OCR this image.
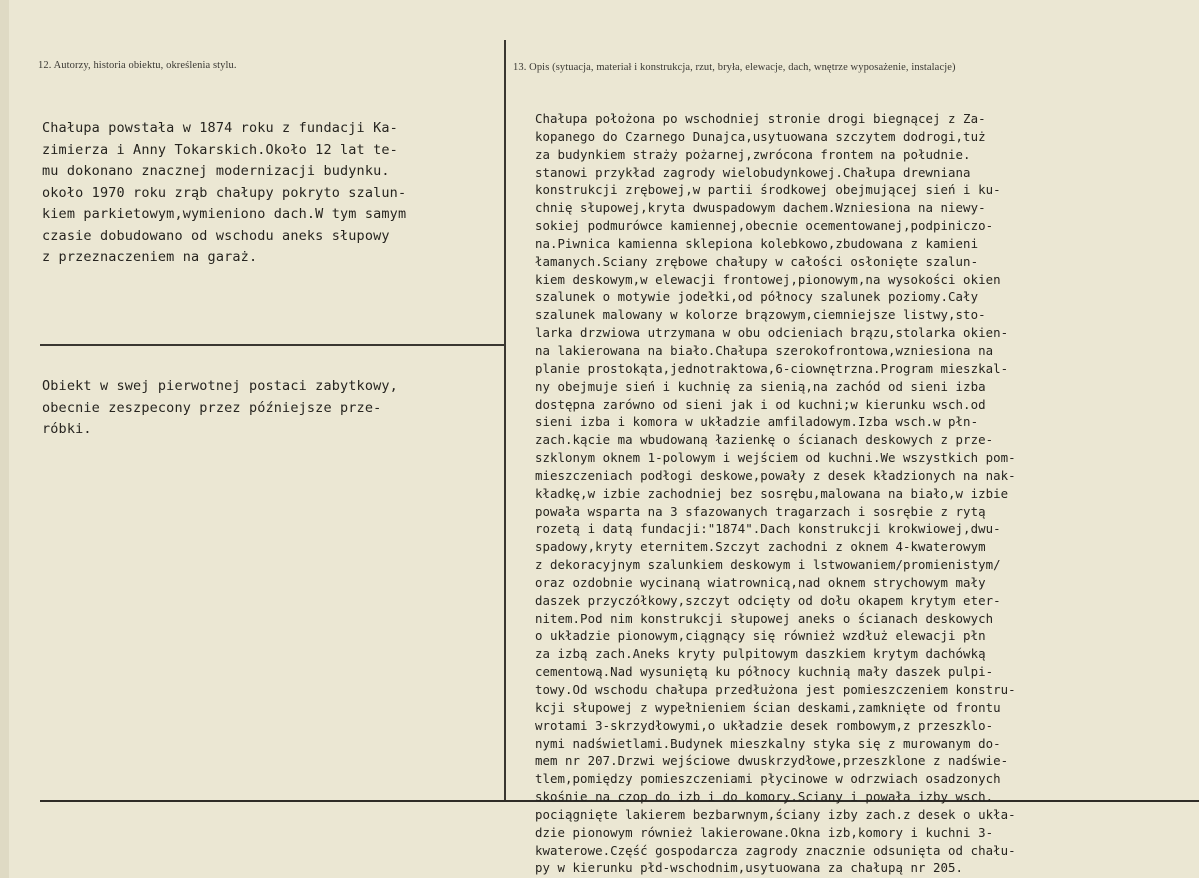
12. Autorzy, historia obiektu, określenia stylu.	13. Opis (sytuacja, materiał i konstrukcja, rzut, bryła, elewacje, dach, wnętrze wyposażenie, instalacje)
Chałupa powstała w 1874 roku z fundacji Ka-
zimierza i Anny Tokarskich.Około 12 lat te-
mu dokonano znacznej modernizacji budynku.
około 1970 roku zrąb chałupy pokryto szalun-
kiem parkietowym,wymieniono dach.W tym samym
czasie dobudowano od wschodu aneks słupowy
z przeznaczeniem na garaż.
Obiekt w swej pierwotnej postaci zabytkowy,
obecnie zeszpecony przez późniejsze prze-
róbki.
Chałupa położona po wschodniej stronie drogi biegnącej z Za-
kopanego do Czarnego Dunajca,usytuowana szczytem dodrogi,tuż
za budynkiem straży pożarnej,zwrócona frontem na południe.
stanowi przykład zagrody wielobudynkowej.Chałupa drewniana
konstrukcji zrębowej,w partii środkowej obejmującej sień i ku-
chnię słupowej,kryta dwuspadowym dachem.Wzniesiona na niewy-
sokiej podmurówce kamiennej,obecnie ocementowanej,podpiniczo-
na.Piwnica kamienna sklepiona kolebkowo,zbudowana z kamieni
łamanych.Sciany zrębowe chałupy w całości osłonięte szalun-
kiem deskowym,w elewacji frontowej,pionowym,na wysokości okien
szalunek o motywie jodełki,od północy szalunek poziomy.Cały
szalunek malowany w kolorze brązowym,ciemniejsze listwy,sto-
larka drzwiowa utrzymana w obu odcieniach brązu,stolarka okien-
na lakierowana na biało.Chałupa szerokofrontowa,wzniesiona na
planie prostokąta,jednotraktowa,6-ciownętrzna.Program mieszkal-
ny obejmuje sień i kuchnię za sienią,na zachód od sieni izba
dostępna zarówno od sieni jak i od kuchni;w kierunku wsch.od
sieni izba i komora w układzie amfiladowym.Izba wsch.w płn-
zach.kącie ma wbudowaną łazienkę o ścianach deskowych z prze-
szklonym oknem 1-polowym i wejściem od kuchni.We wszystkich pom-
mieszczeniach podłogi deskowe,powały z desek kładzionych na nak-
kładkę,w izbie zachodniej bez sosrębu,malowana na biało,w izbie
powała wsparta na 3 sfazowanych tragarzach i sosrębie z rytą
rozetą i datą fundacji:"1874".Dach konstrukcji krokwiowej,dwu-
spadowy,kryty eternitem.Szczyt zachodni z oknem 4-kwaterowym
z dekoracyjnym szalunkiem deskowym i lstwowaniem/promienistym/
oraz ozdobnie wycinaną wiatrownicą,nad oknem strychowym mały
daszek przyczółkowy,szczyt odcięty od dołu okapem krytym eter-
nitem.Pod nim konstrukcji słupowej aneks o ścianach deskowych
o układzie pionowym,ciągnący się również wzdłuż elewacji płn
za izbą zach.Aneks kryty pulpitowym daszkiem krytym dachówką
cementową.Nad wysuniętą ku północy kuchnią mały daszek pulpi-
towy.Od wschodu chałupa przedłużona jest pomieszczeniem konstru-
kcji słupowej z wypełnieniem ścian deskami,zamknięte od frontu
wrotami 3-skrzydłowymi,o układzie desek rombowym,z przeszklo-
nymi nadświetlami.Budynek mieszkalny styka się z murowanym do-
mem nr 207.Drzwi wejściowe dwuskrzydłowe,przeszklone z nadświe-
tlem,pomiędzy pomieszczeniami płycinowe w odrzwiach osadzonych
skośnie na czop do izb i do komory.Sciany i powała izby wsch.
pociągnięte lakierem bezbarwnym,ściany izby zach.z desek o ukła-
dzie pionowym również lakierowane.Okna izb,komory i kuchni 3-
kwaterowe.Część gospodarcza zagrody znacznie odsunięta od chału-
py w kierunku płd-wschodnim,usytuowana za chałupą nr 205.
